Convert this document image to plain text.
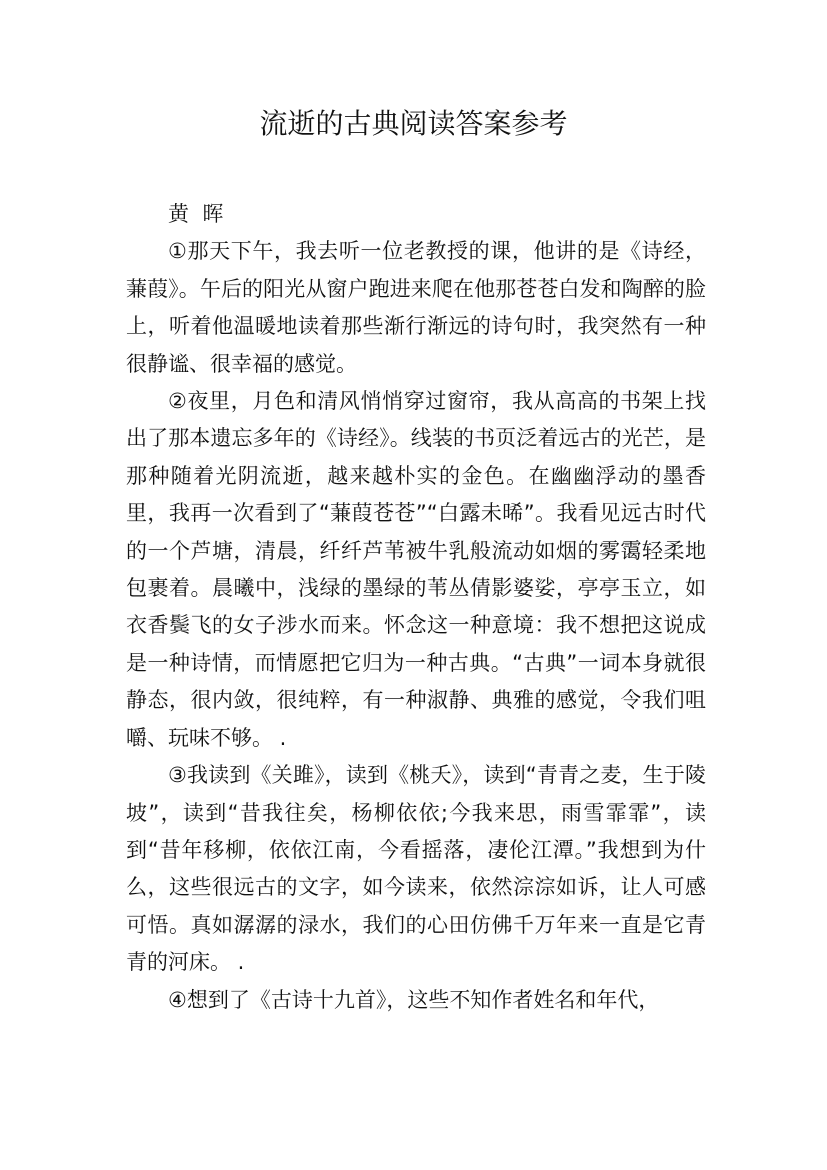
流逝的古典阅读答案参考

黄  晖

①那天下午，我去听一位老教授的课，他讲的是《诗经，蒹葭》。午后的阳光从窗户跑进来爬在他那苍苍白发和陶醉的脸上，听着他温暖地读着那些渐行渐远的诗句时，我突然有一种很静谧、很幸福的感觉。

②夜里，月色和清风悄悄穿过窗帘，我从高高的书架上找出了那本遗忘多年的《诗经》。线装的书页泛着远古的光芒，是那种随着光阴流逝，越来越朴实的金色。在幽幽浮动的墨香里，我再一次看到了“蒹葭苍苍”“白露未晞”。我看见远古时代的一个芦塘，清晨，纤纤芦苇被牛乳般流动如烟的雾霭轻柔地包裹着。晨曦中，浅绿的墨绿的苇丛倩影婆娑，亭亭玉立，如衣香鬓飞的女子涉水而来。怀念这一种意境：我不想把这说成是一种诗情，而情愿把它归为一种古典。“古典”一词本身就很静态，很内敛，很纯粹，有一种淑静、典雅的感觉，令我们咀嚼、玩味不够。 .

③我读到《关雎》，读到《桃夭》，读到“青青之麦，生于陵坡”，读到“昔我往矣，杨柳依依;今我来思，雨雪霏霏”，读到“昔年移柳，依依江南，今看摇落，凄伦江潭。”我想到为什么，这些很远古的文字，如今读来，依然淙淙如诉，让人可感可悟。真如潺潺的渌水，我们的心田仿佛千万年来一直是它青青的河床。 .

④想到了《古诗十九首》，这些不知作者姓名和年代，
